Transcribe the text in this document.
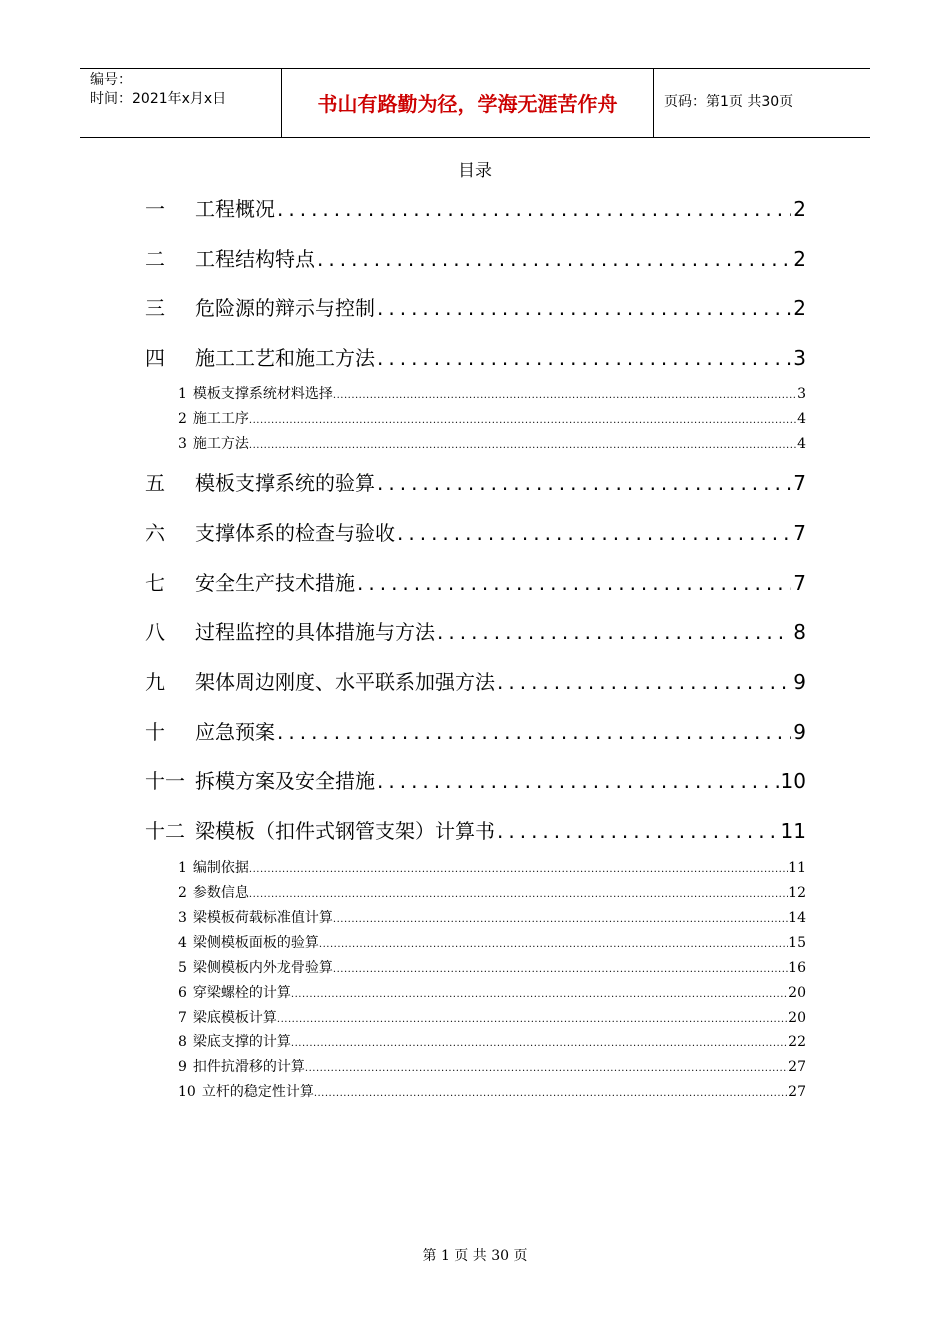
编号：
时间：2021年x月x日	书山有路勤为径，学海无涯苦作舟	页码：第1页 共30页
目录
一 工程概况 .....	2
二 工程结构特点 .....	2
三 危险源的辩示与控制 .....	2
四 施工工艺和施工方法 .....	3
1 模板支撑系统材料选择 .....	3
2 施工工序 .....	4
3 施工方法 .....	4
五 模板支撑系统的验算 .....	7
六 支撑体系的检查与验收 .....	7
七 安全生产技术措施 .....	7
八 过程监控的具体措施与方法 .....	8
九 架体周边刚度、水平联系加强方法 .....	9
十 应急预案 .....	9
十一 拆模方案及安全措施 .....	10
十二 梁模板（扣件式钢管支架）计算书 .....	11
1 编制依据 .....	11
2 参数信息 .....	12
3 梁模板荷载标准值计算 .....	14
4 梁侧模板面板的验算 .....	15
5 梁侧模板内外龙骨验算 .....	16
6 穿梁螺栓的计算 .....	20
7 梁底模板计算 .....	20
8 梁底支撑的计算 .....	22
9 扣件抗滑移的计算 .....	27
10 立杆的稳定性计算 .....	27
第 1 页 共 30 页
